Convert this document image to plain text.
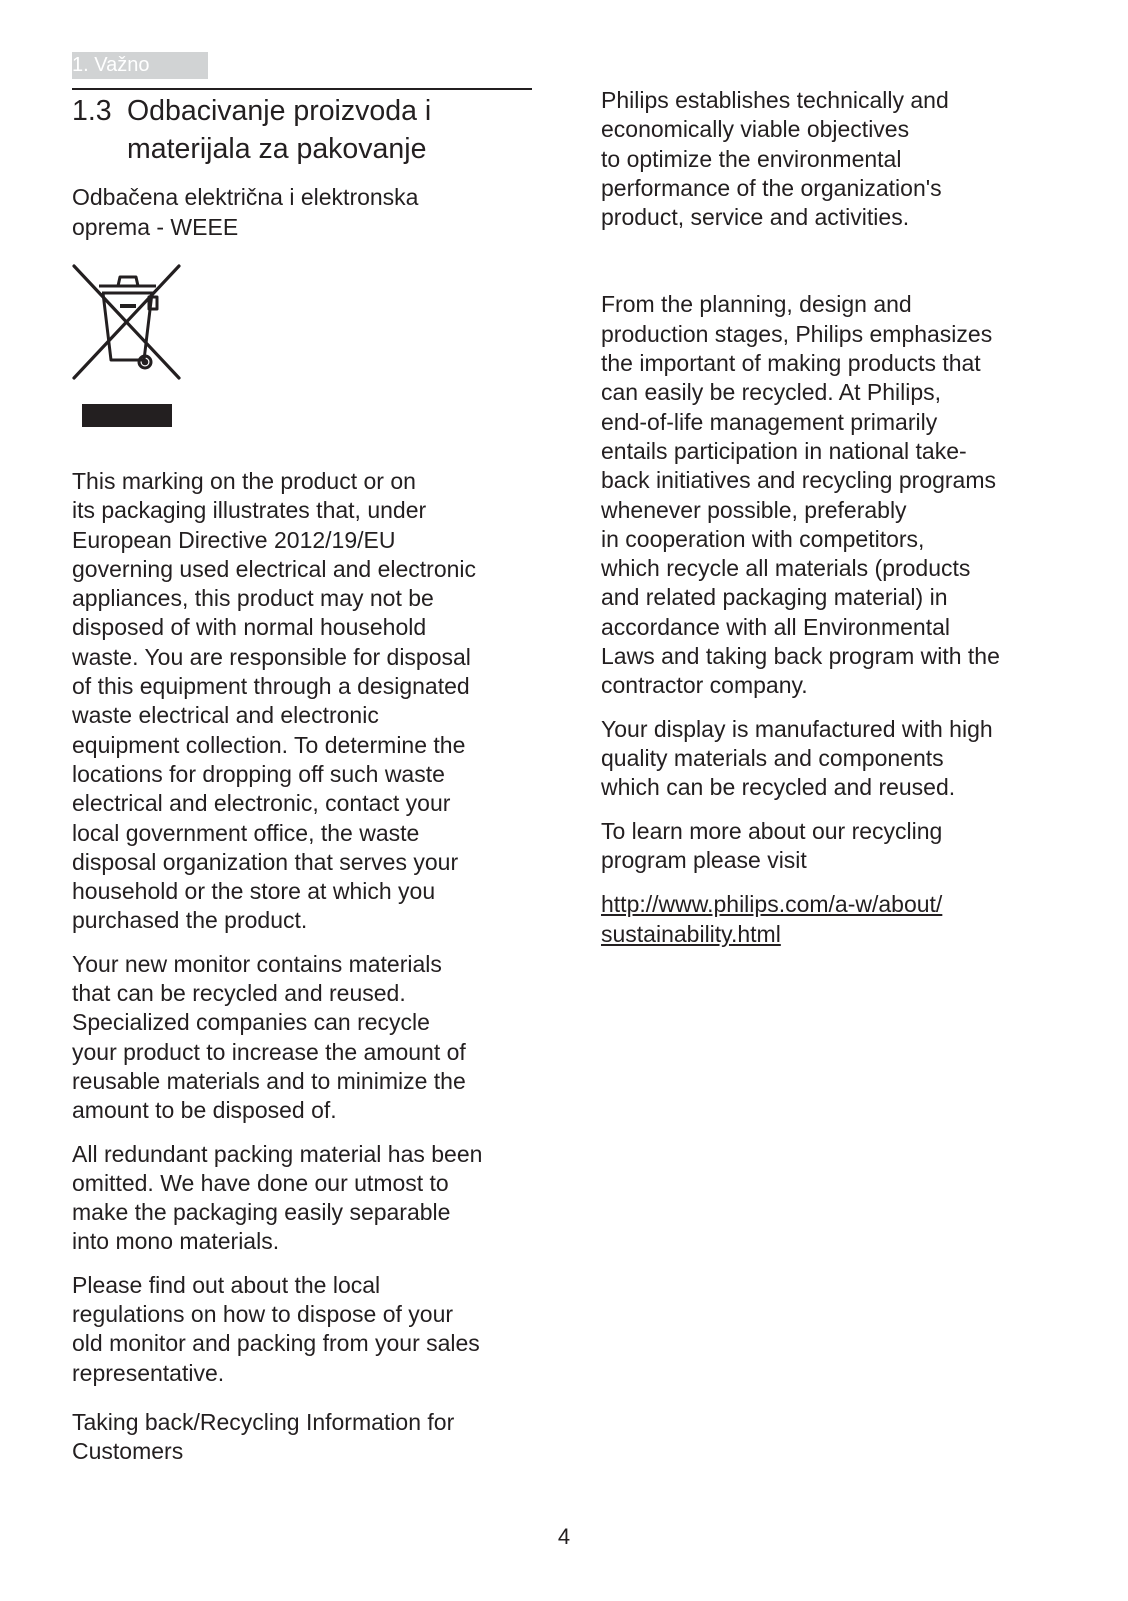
1. Važno
1.3 Odbacivanje proizvoda i
materijala za pakovanje
Odbačena električna i elektronska
oprema - WEEE

This marking on the product or on
its packaging illustrates that, under
European Directive 2012/19/EU
governing used electrical and electronic
appliances, this product may not be
disposed of with normal household
waste. You are responsible for disposal
of this equipment through a designated
waste electrical and electronic
equipment collection. To determine the
locations for dropping off such waste
electrical and electronic, contact your
local government office, the waste
disposal organization that serves your
household or the store at which you
purchased the product.

Your new monitor contains materials
that can be recycled and reused.
Specialized companies can recycle
your product to increase the amount of
reusable materials and to minimize the
amount to be disposed of.

All redundant packing material has been
omitted. We have done our utmost to
make the packaging easily separable
into mono materials.

Please find out about the local
regulations on how to dispose of your
old monitor and packing from your sales
representative.

Taking back/Recycling Information for
Customers

Philips establishes technically and
economically viable objectives
to optimize the environmental
performance of the organization's
product, service and activities.

From the planning, design and
production stages, Philips emphasizes
the important of making products that
can easily be recycled. At Philips,
end-of-life management primarily
entails participation in national take-
back initiatives and recycling programs
whenever possible, preferably
in cooperation with competitors,
which recycle all materials (products
and related packaging material) in
accordance with all Environmental
Laws and taking back program with the
contractor company.

Your display is manufactured with high
quality materials and components
which can be recycled and reused.

To learn more about our recycling
program please visit

http://www.philips.com/a-w/about/
sustainability.html
4
